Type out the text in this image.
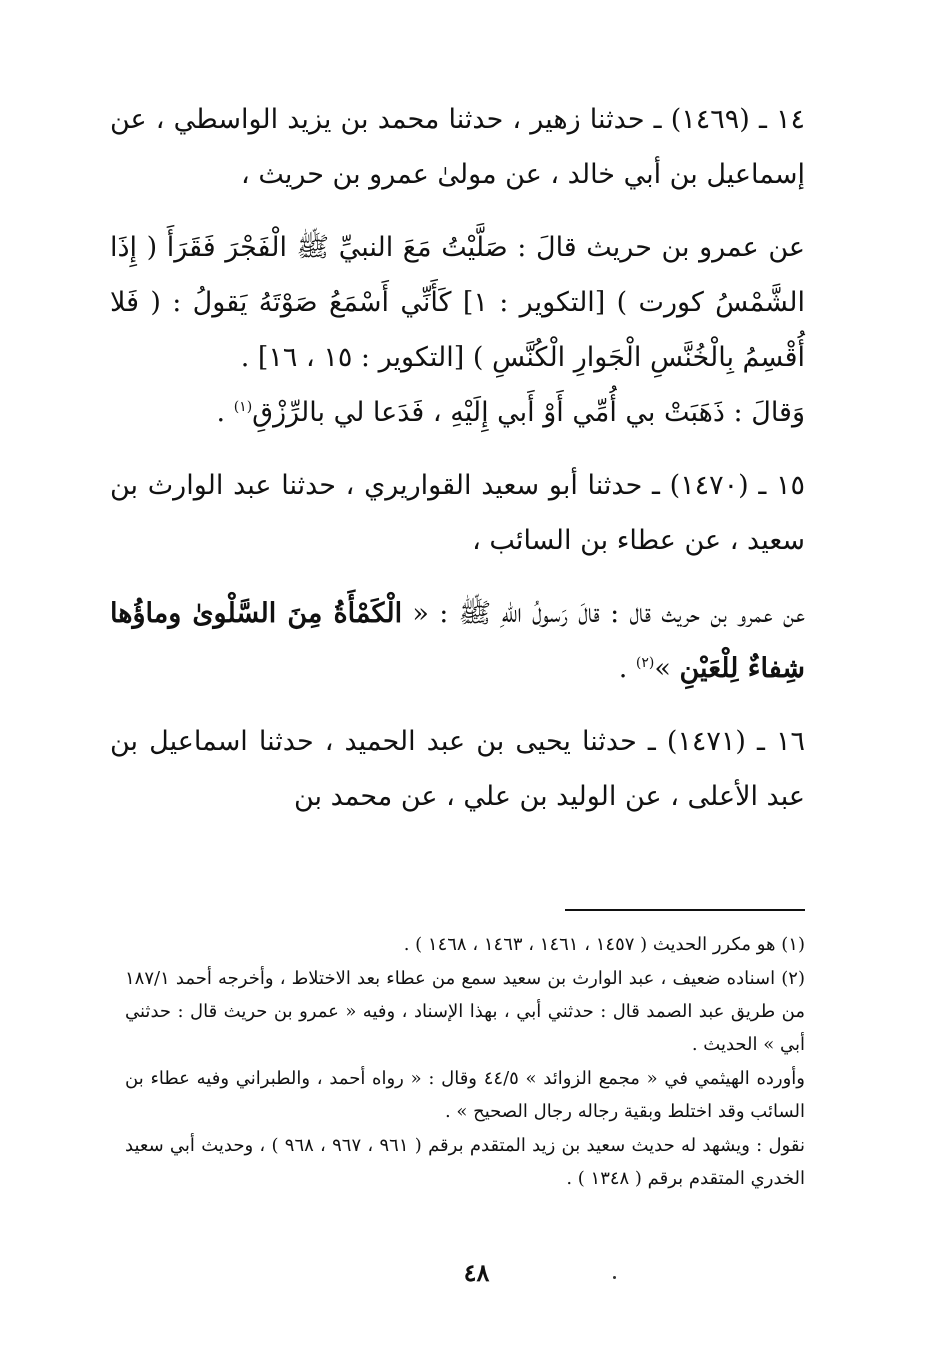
١٤ ـ (١٤٦٩) ـ حدثنا زهير ، حدثنا محمد بن يزيد الواسطي ، عن إسماعيل بن أبي خالد ، عن مولىٰ عمرو بن حريث ،
عن عمرو بن حريث قالَ : صَلَّيْتُ مَعَ النبيِّ ﷺ الْفَجْرَ فَقَرَأَ ( إِذَا الشَّمْسُ كورت ) [التكوير : ١] كَأَنِّي أَسْمَعُ صَوْتَهُ يَقولُ : ( فَلا أُقْسِمُ بِالْخُنَّسِ الْجَوارِ الْكُنَّسِ ) [التكوير : ١٥ ، ١٦] .
وَقالَ : ذَهَبَتْ بي أُمِّي أَوْ أَبي إِلَيْهِ ، فَدَعا لي بالرِّزْقِ$^{(١)}$ .
١٥ ـ (١٤٧٠) ـ حدثنا أبو سعيد القواريري ، حدثنا عبد الوارث بن سعيد ، عن عطاء بن السائب ،
عن عمرو بن حريث قال : قالَ رَسولُ اللّٰهِ ﷺ : « الْكَمْأَةُ مِنَ السَّلْوىٰ وماؤُها شِفاءٌ لِلْعَيْنِ »$^{(٢)}$ .
١٦ ـ (١٤٧١) ـ حدثنا يحيى بن عبد الحميد ، حدثنا اسماعيل بن عبد الأعلى ، عن الوليد بن علي ، عن محمد بن
(١) هو مكرر الحديث ( ١٤٥٧ ، ١٤٦١ ، ١٤٦٣ ، ١٤٦٨ ) .
(٢) اسناده ضعيف ، عبد الوارث بن سعيد سمع من عطاء بعد الاختلاط ، وأخرجه أحمد ١٨٧/١ من طريق عبد الصمد قال : حدثني أبي ، بهذا الإسناد ، وفيه « عمرو بن حريث قال : حدثني أبي » الحديث .
وأورده الهيثمي في « مجمع الزوائد » ٤٤/٥ وقال : « رواه أحمد ، والطبراني وفيه عطاء بن السائب وقد اختلط وبقية رجاله رجال الصحيح » .
نقول : ويشهد له حديث سعيد بن زيد المتقدم برقم ( ٩٦١ ، ٩٦٧ ، ٩٦٨ ) ، وحديث أبي سعيد الخدري المتقدم برقم ( ١٣٤٨ ) .
٤٨
